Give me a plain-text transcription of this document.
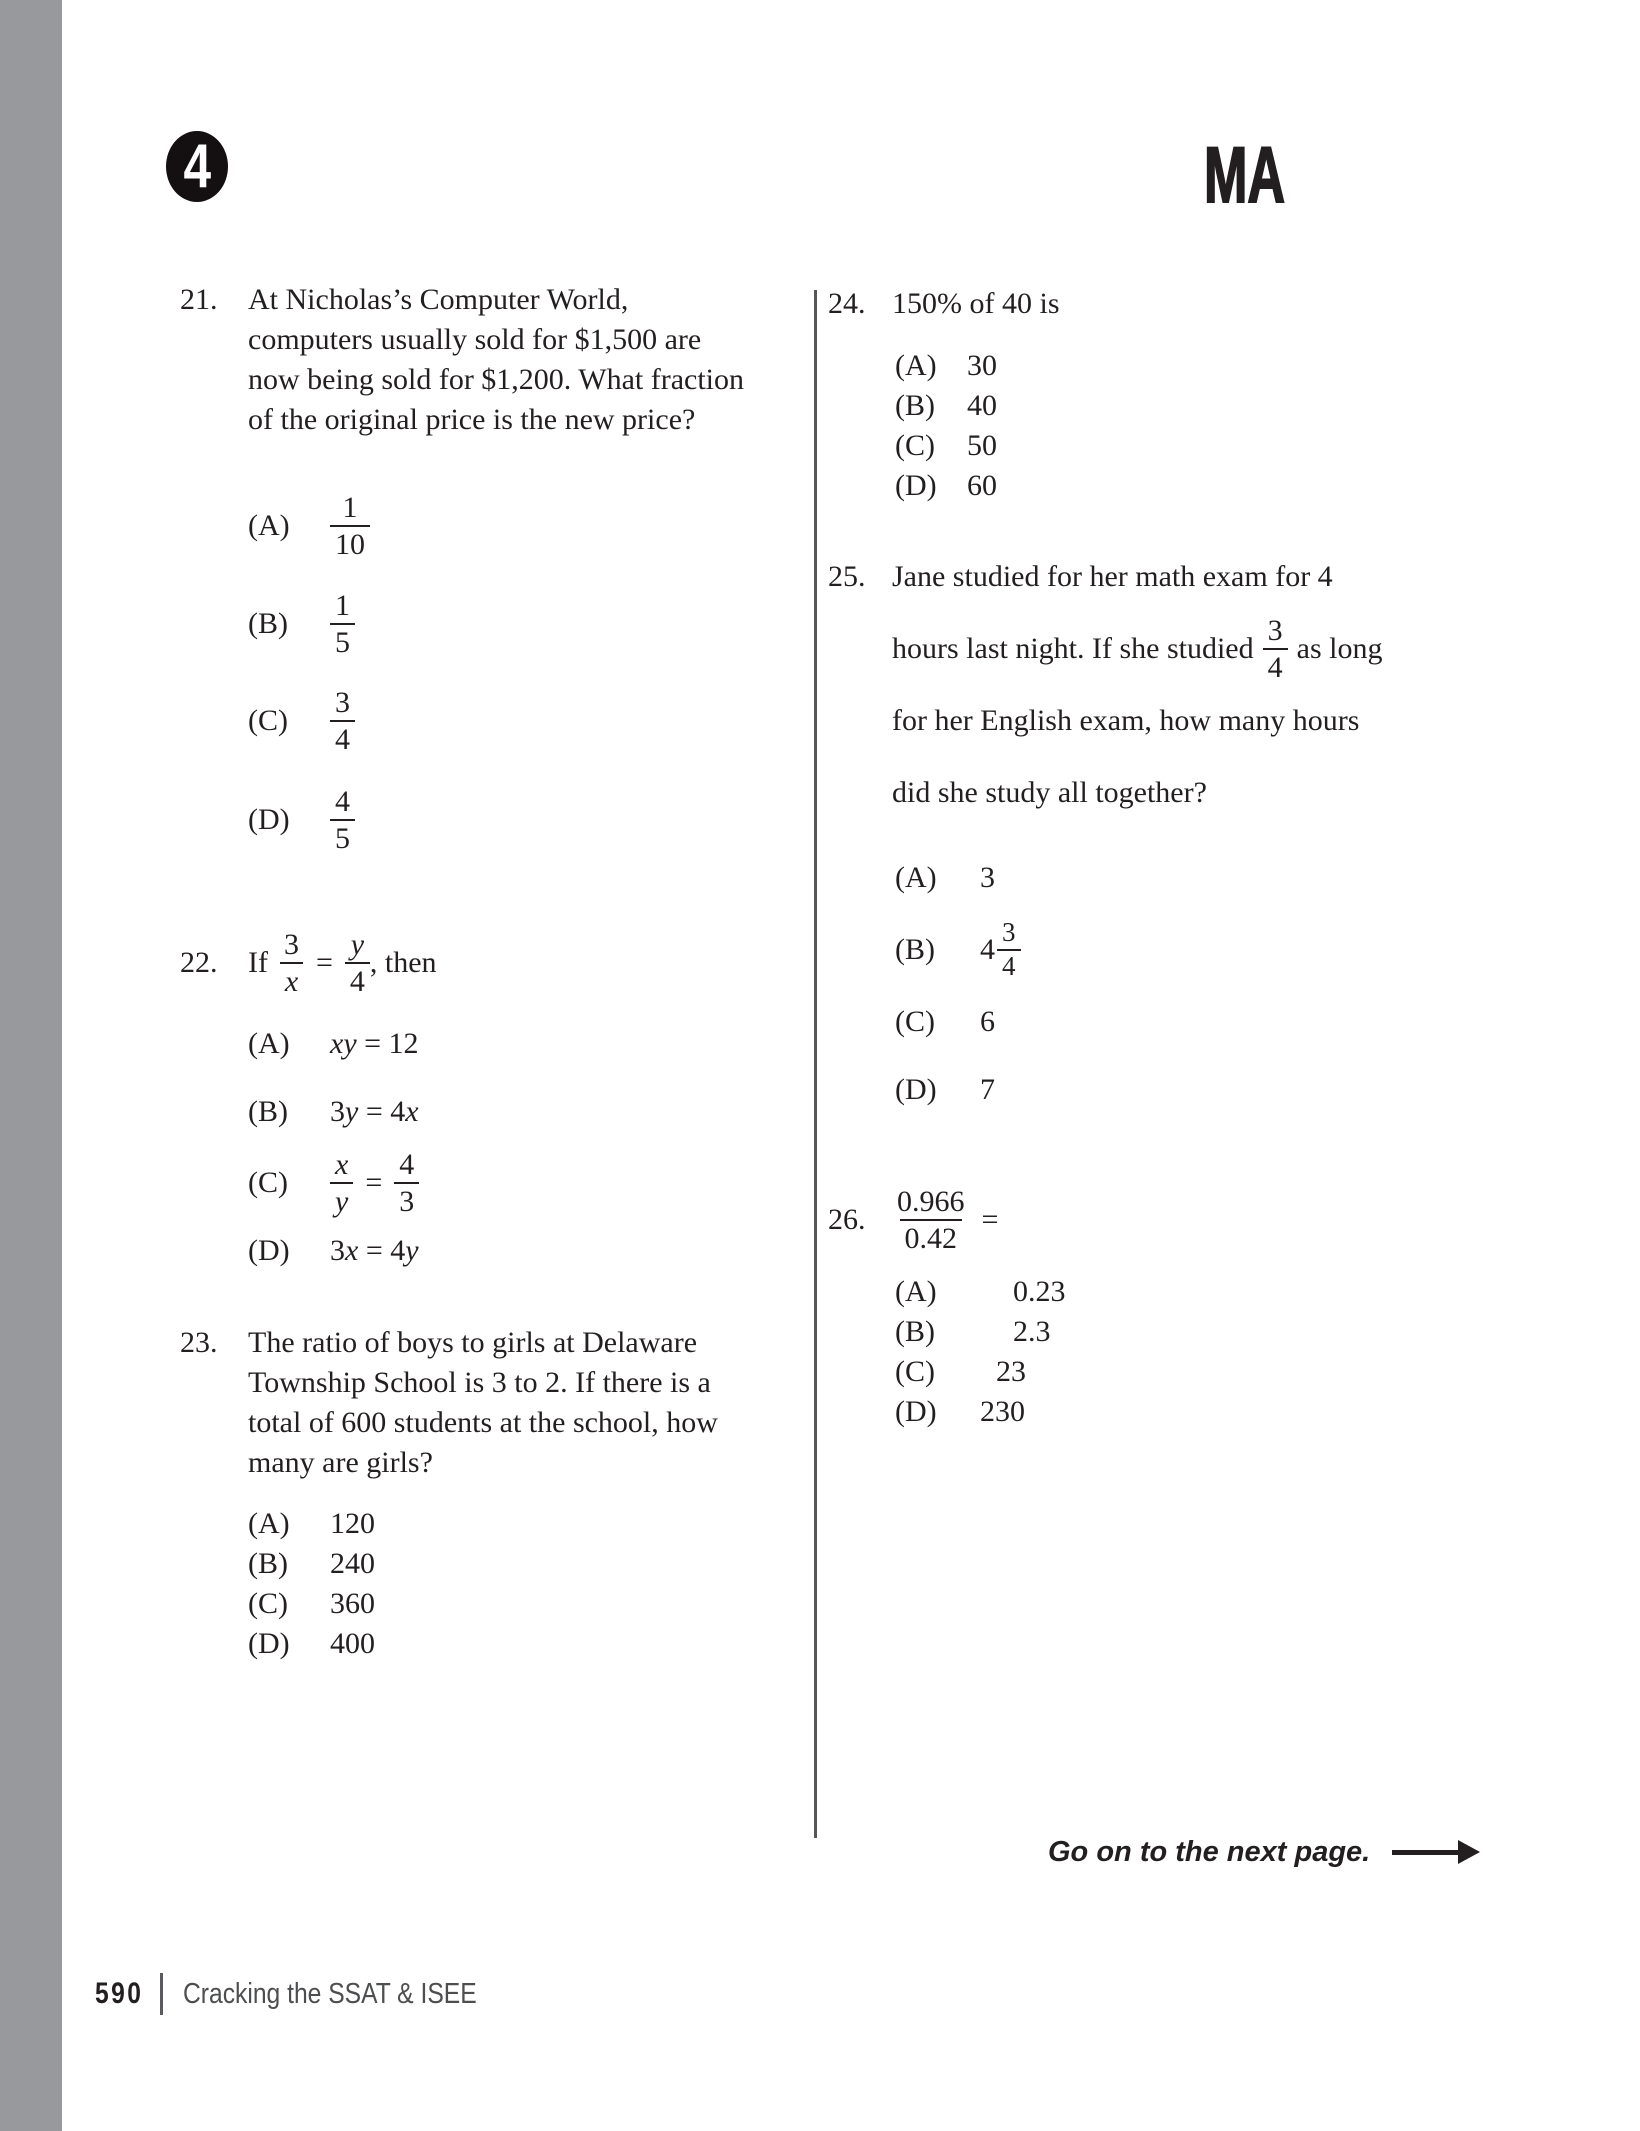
4	MA
21. At Nicholas’s Computer World,
computers usually sold for $1,500 are
now being sold for $1,200. What fraction
of the original price is the new price?
(A)	$\frac{1}{10}$
(B)	$\frac{1}{5}$
(C)	$\frac{3}{4}$
(D)	$\frac{4}{5}$
22.	If $\frac{3}{x} = \frac{y}{4}$ , then
(A) xy = 12
(B) 3y = 4x
(C)	$\frac{x}{y} = \frac{4}{3}$
(D) 3x = 4y
23. The ratio of boys to girls at Delaware
Township School is 3 to 2. If there is a
total of 600 students at the school, how
many are girls?
(A) 120
(B) 240
(C) 360
(D) 400
24. 150% of 40 is
(A) 30
(B) 40
(C) 50
(D) 60
25. Jane studied for her math exam for 4
hours last night. If she studied $\frac{3}{4}$ as long
for her English exam, how many hours
did she study all together?
(A)	3
(B)	$4 \frac{3}{4}$
(C)	6
(D)	7
26. $\frac{0.966}{0.42}$ =
(A)	0.23
(B)	2.3
(C) 23
(D) 230
Go on to the next page.
590 Cracking the SSAT & ISEE
